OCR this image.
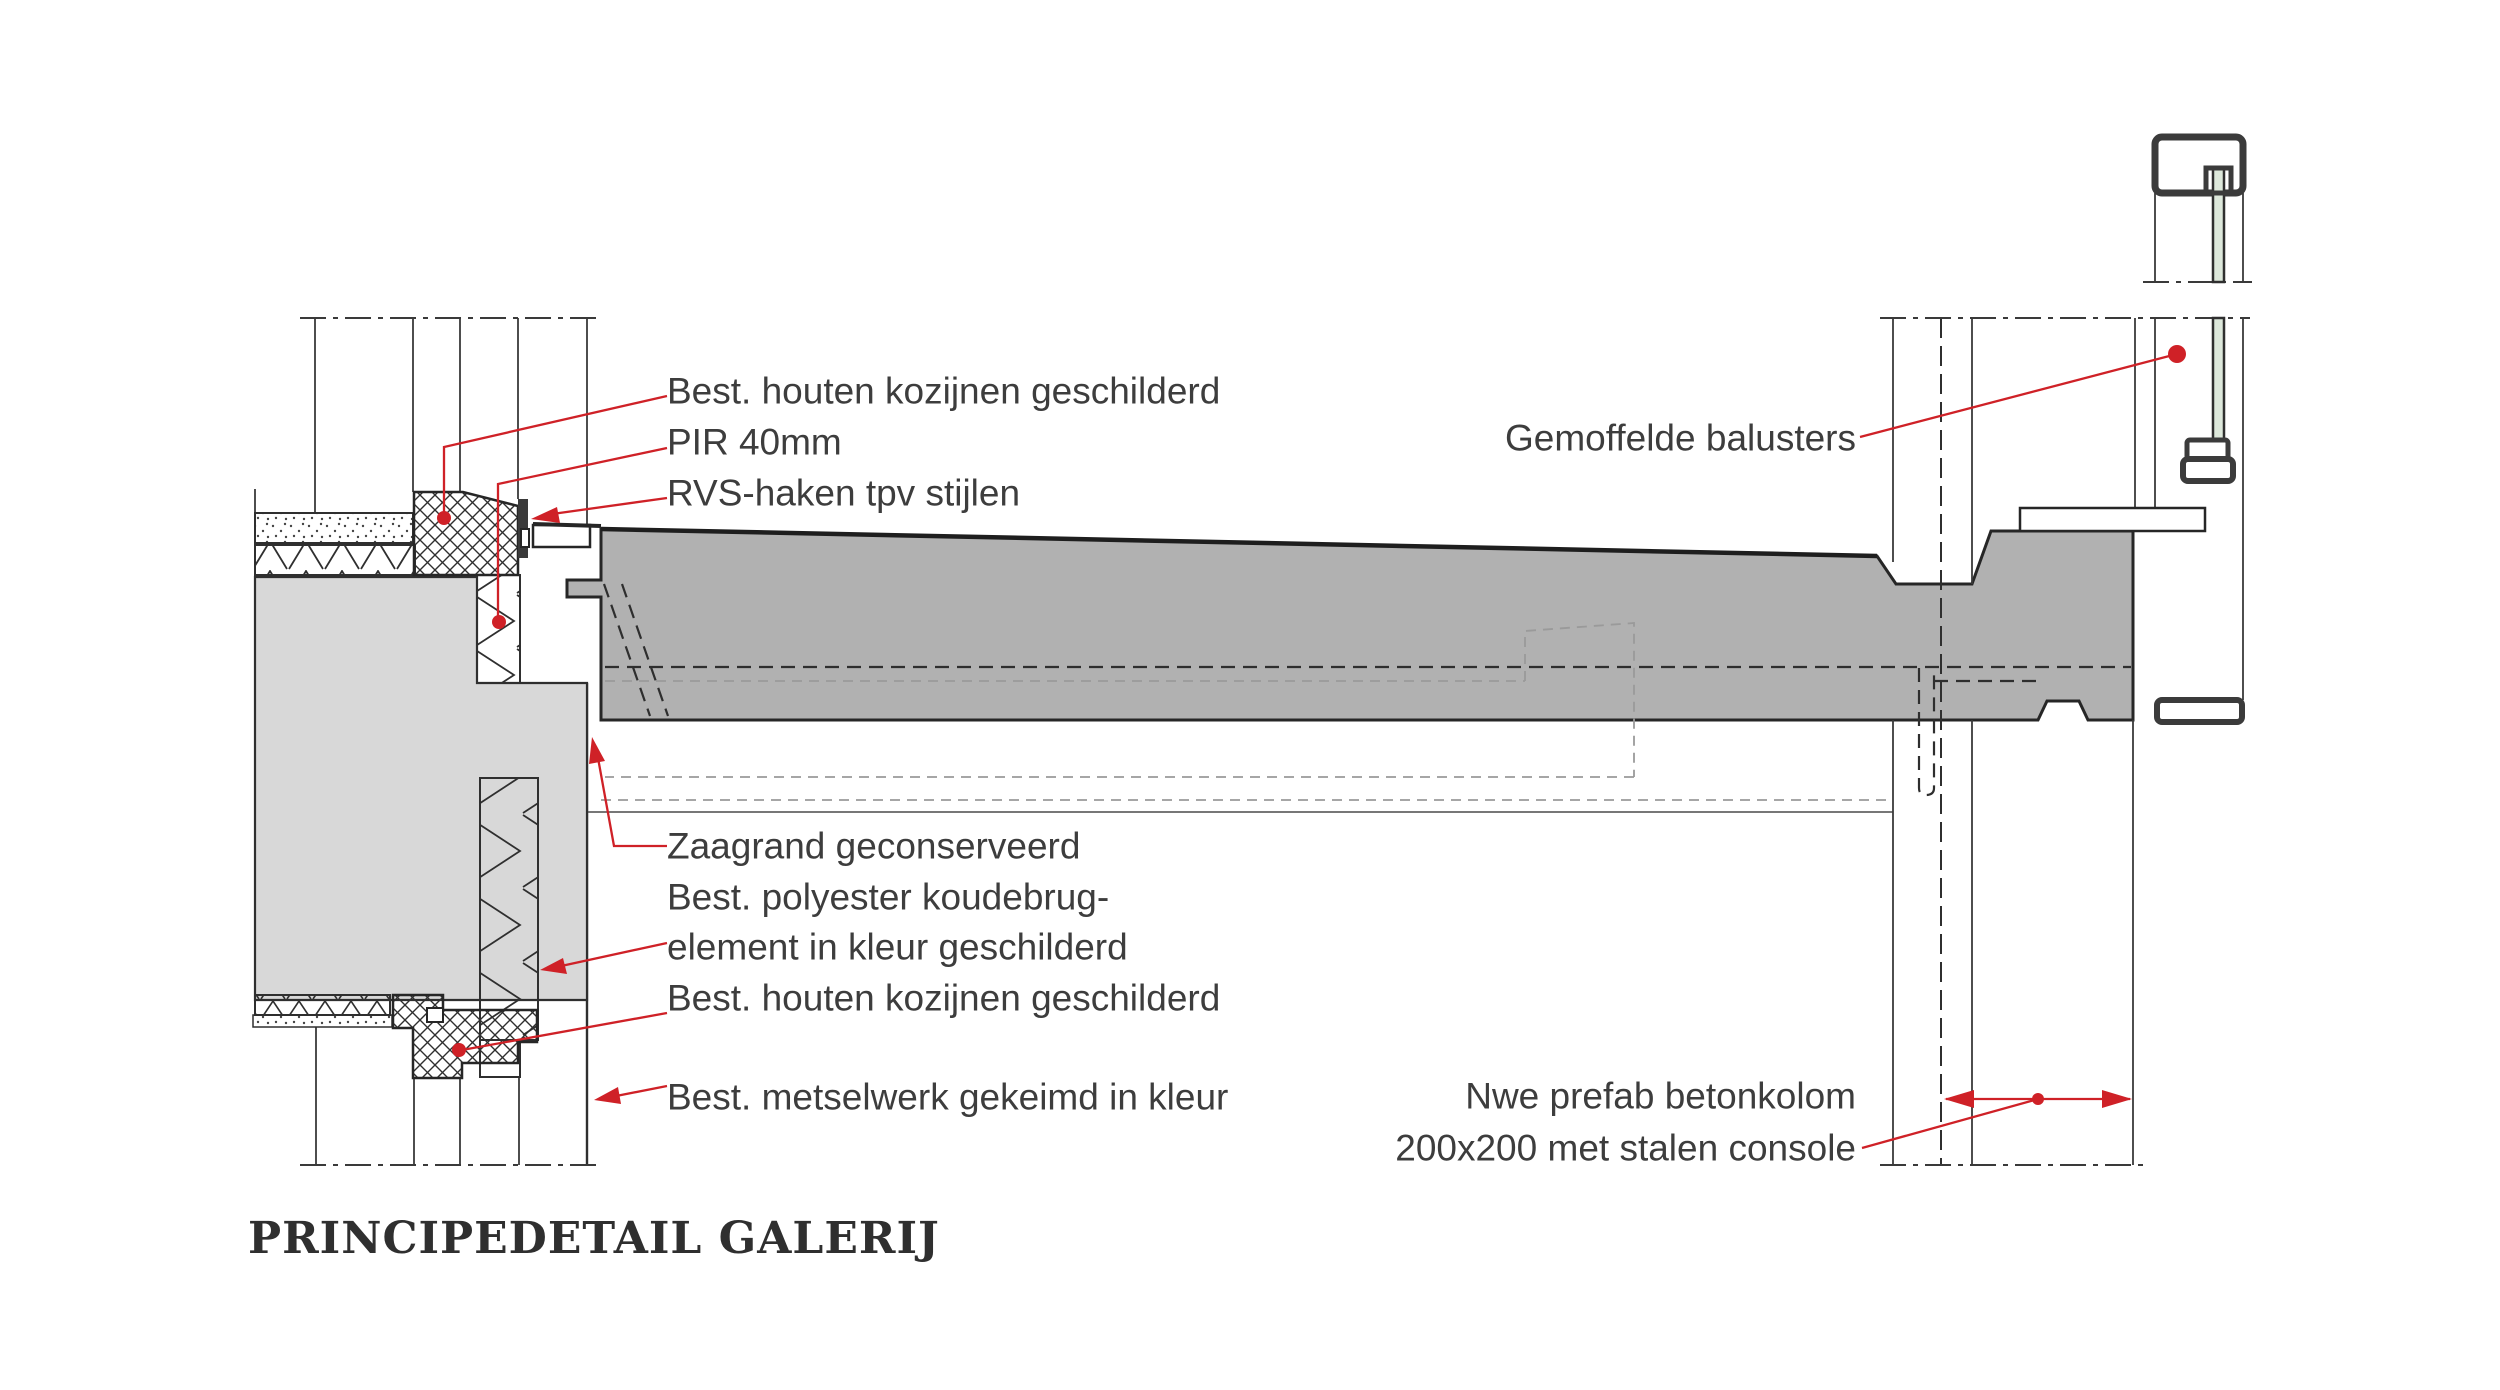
Best. houten kozijnen geschilderd
PIR 40mm
RVS-haken tpv stijlen
Zaagrand geconserveerd
Best. polyester koudebrug-
element in kleur geschilderd
Best. houten kozijnen geschilderd
Best. metselwerk gekeimd in kleur
Gemoffelde balusters
Nwe prefab betonkolom
200x200 met stalen console
PRINCIPEDETAIL GALERIJ
